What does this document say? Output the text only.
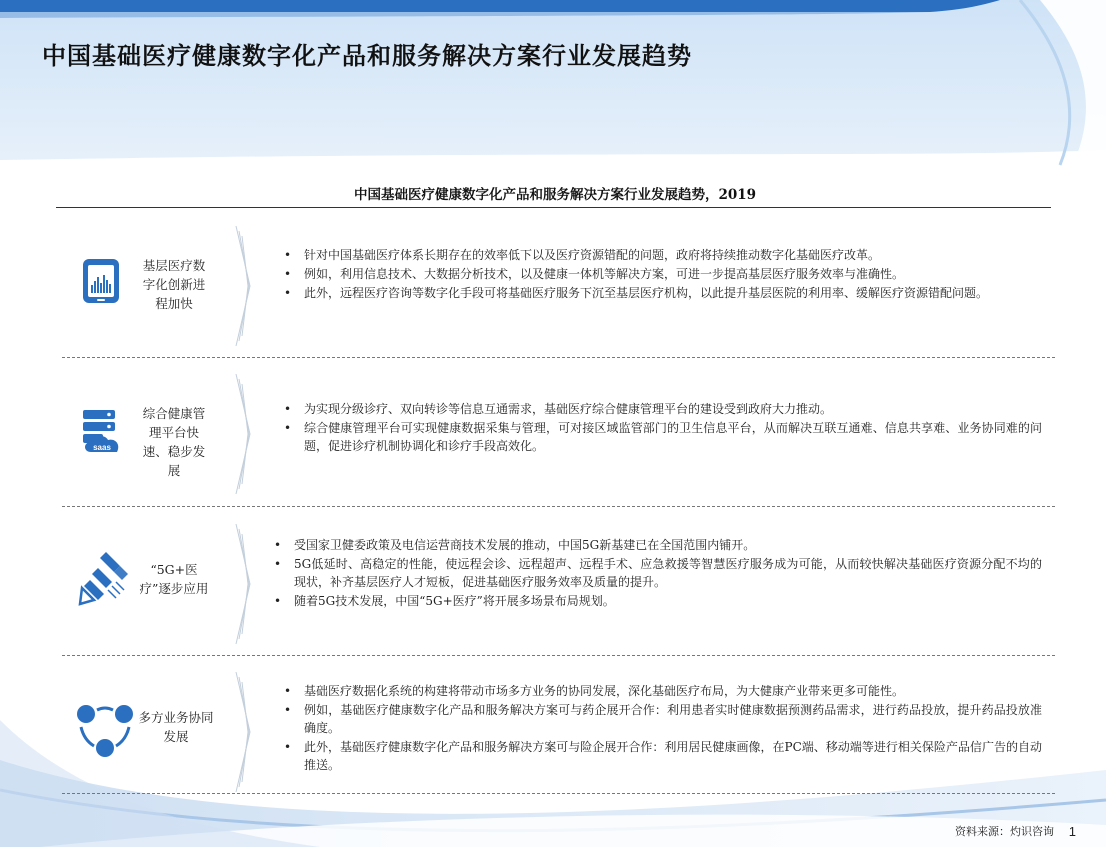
中国基础医疗健康数字化产品和服务解决方案行业发展趋势
中国基础医疗健康数字化产品和服务解决方案行业发展趋势，2019
基层医疗数字化创新进程加快
• 针对中国基础医疗体系长期存在的效率低下以及医疗资源错配的问题，政府将持续推动数字化基础医疗改革。
• 例如，利用信息技术、大数据分析技术，以及健康一体机等解决方案，可进一步提高基层医疗服务效率与准确性。
• 此外，远程医疗咨询等数字化手段可将基础医疗服务下沉至基层医疗机构，以此提升基层医院的利用率、缓解医疗资源错配问题。
saas
综合健康管理平台快速、稳步发展
• 为实现分级诊疗、双向转诊等信息互通需求，基础医疗综合健康管理平台的建设受到政府大力推动。
• 综合健康管理平台可实现健康数据采集与管理，可对接区域监管部门的卫生信息平台，从而解决互联互通难、信息共享难、业务协同难的问题，促进诊疗机制协调化和诊疗手段高效化。
“5G+医疗”逐步应用
• 受国家卫健委政策及电信运营商技术发展的推动，中国5G新基建已在全国范围内铺开。
• 5G低延时、高稳定的性能，使远程会诊、远程超声、远程手术、应急救援等智慧医疗服务成为可能，从而较快解决基础医疗资源分配不均的现状，补齐基层医疗人才短板，促进基础医疗服务效率及质量的提升。
• 随着5G技术发展，中国“5G+医疗”将开展多场景布局规划。
多方业务协同发展
• 基础医疗数据化系统的构建将带动市场多方业务的协同发展，深化基础医疗布局，为大健康产业带来更多可能性。
• 例如，基础医疗健康数字化产品和服务解决方案可与药企展开合作：利用患者实时健康数据预测药品需求，进行药品投放，提升药品投放准确度。
• 此外，基础医疗健康数字化产品和服务解决方案可与险企展开合作：利用居民健康画像，在PC端、移动端等进行相关保险产品信广告的自动推送。
资料来源：灼识咨询 1
